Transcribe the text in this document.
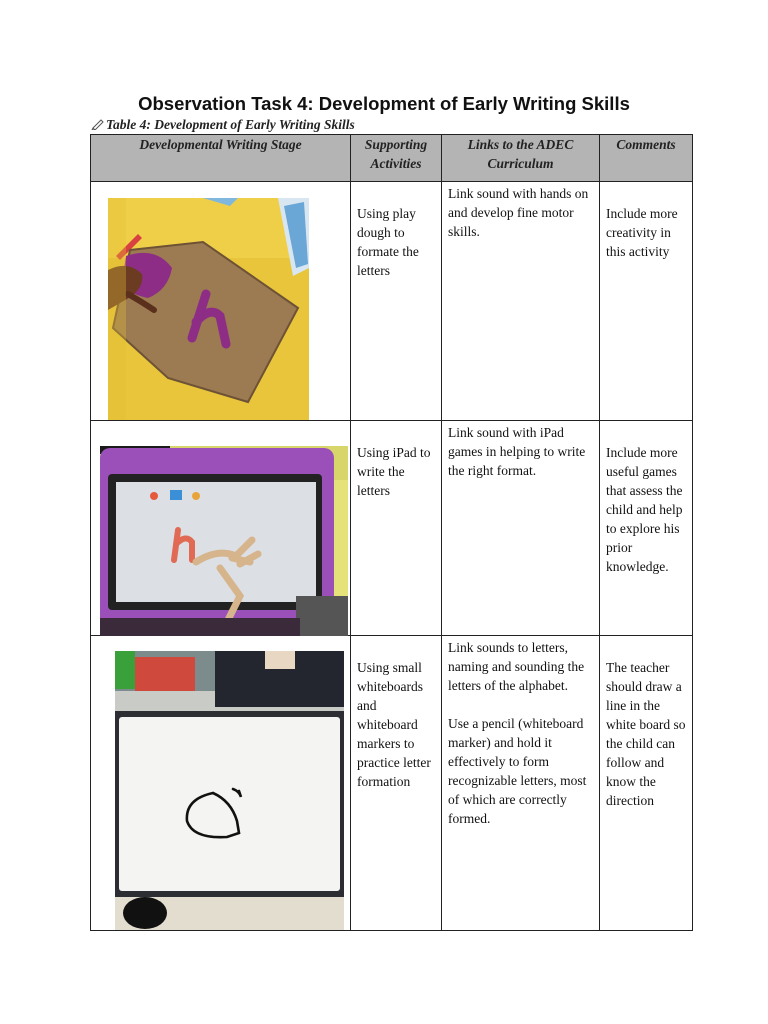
Observation Task 4: Development of Early Writing Skills
Table 4: Development of Early Writing Skills
Developmental Writing Stage	Supporting Activities	Links to the ADEC Curriculum	Comments

	Using play dough to formate the letters	Link sound with hands on and develop fine motor skills.	Include more creativity in this activity

	Using iPad to write the letters	Link sound with iPad games in helping to write the right format.	Include more useful games that assess the child and help to explore his prior knowledge.

	Using small whiteboards and whiteboard markers to practice letter formation	Link sounds to letters, naming and sounding the letters of the alphabet.
Use a pencil (whiteboard marker) and hold it effectively to form recognizable letters, most of which are correctly formed.	The teacher should draw a line in the white board so the child can follow and know the direction
